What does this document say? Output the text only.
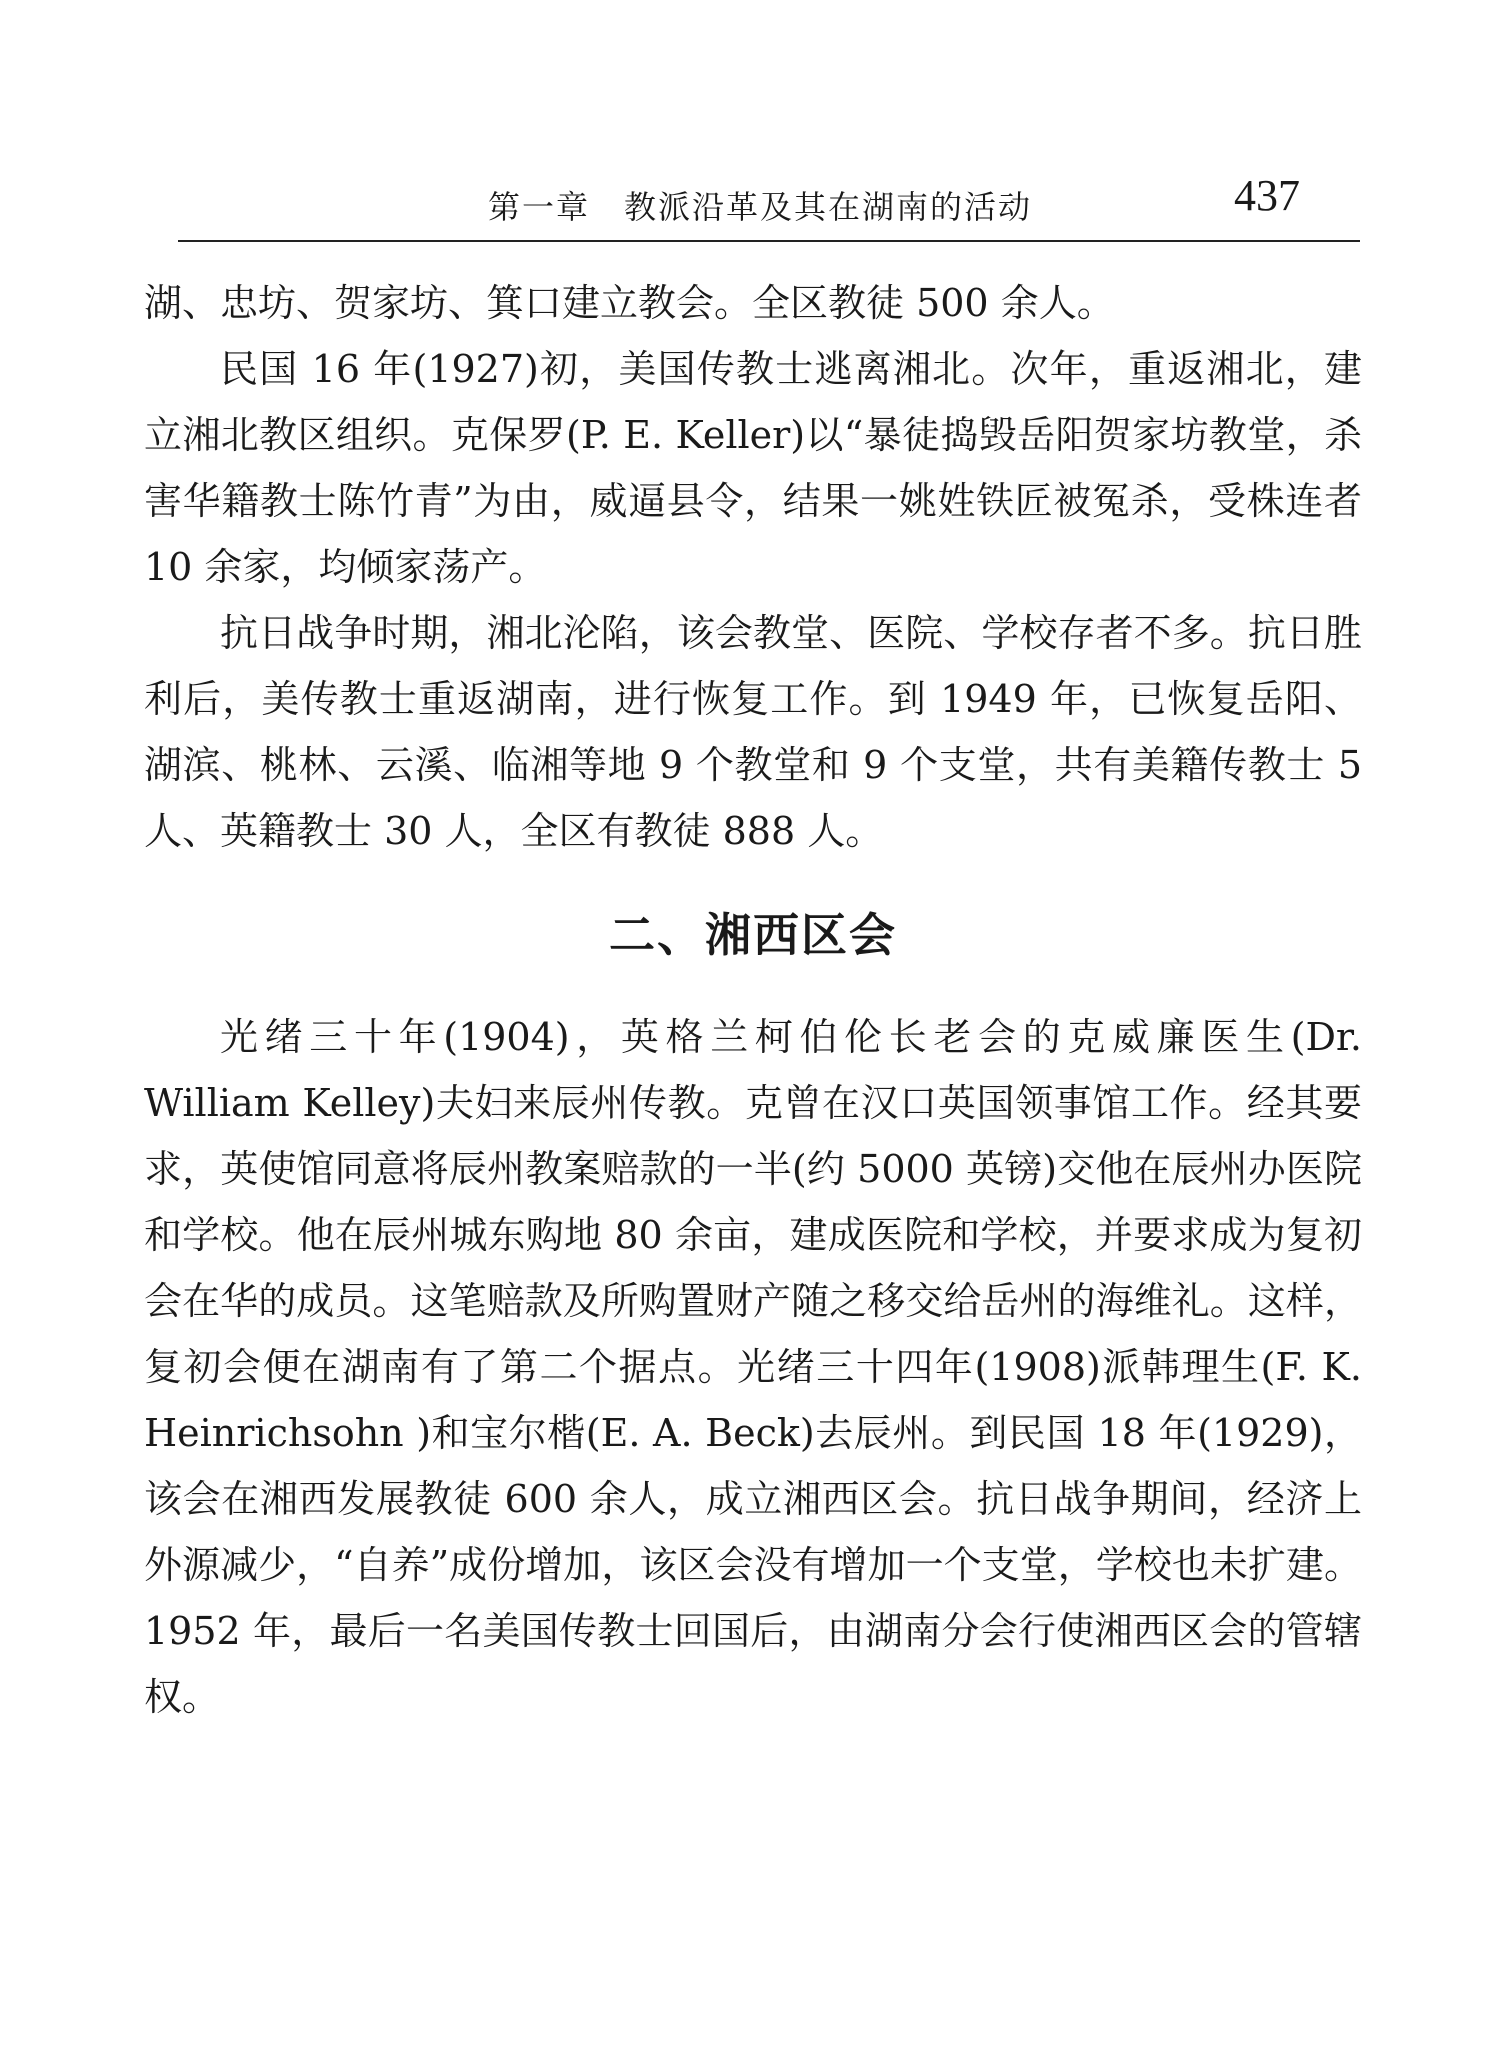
第一章　教派沿革及其在湖南的活动	437

湖、忠坊、贺家坊、箕口建立教会。全区教徒 500 余人。

民国 16 年(1927)初，美国传教士逃离湘北。次年，重返湘北，建立湘北教区组织。克保罗(P. E. Keller)以“暴徒捣毁岳阳贺家坊教堂，杀害华籍教士陈竹青”为由，威逼县令，结果一姚姓铁匠被冤杀，受株连者 10 余家，均倾家荡产。

抗日战争时期，湘北沦陷，该会教堂、医院、学校存者不多。抗日胜利后，美传教士重返湖南，进行恢复工作。到 1949 年，已恢复岳阳、湖滨、桃林、云溪、临湘等地 9 个教堂和 9 个支堂，共有美籍传教士 5 人、英籍教士 30 人，全区有教徒 888 人。

二、湘西区会

光绪三十年(1904)，英格兰柯伯伦长老会的克威廉医生(Dr. William Kelley)夫妇来辰州传教。克曾在汉口英国领事馆工作。经其要求，英使馆同意将辰州教案赔款的一半(约 5000 英镑)交他在辰州办医院和学校。他在辰州城东购地 80 余亩，建成医院和学校，并要求成为复初会在华的成员。这笔赔款及所购置财产随之移交给岳州的海维礼。这样，复初会便在湖南有了第二个据点。光绪三十四年(1908)派韩理生(F. K. Heinrichsohn )和宝尔楷(E. A. Beck)去辰州。到民国 18 年(1929)，该会在湘西发展教徒 600 余人，成立湘西区会。抗日战争期间，经济上外源减少，“自养”成份增加，该区会没有增加一个支堂，学校也未扩建。1952 年，最后一名美国传教士回国后，由湖南分会行使湘西区会的管辖权。
